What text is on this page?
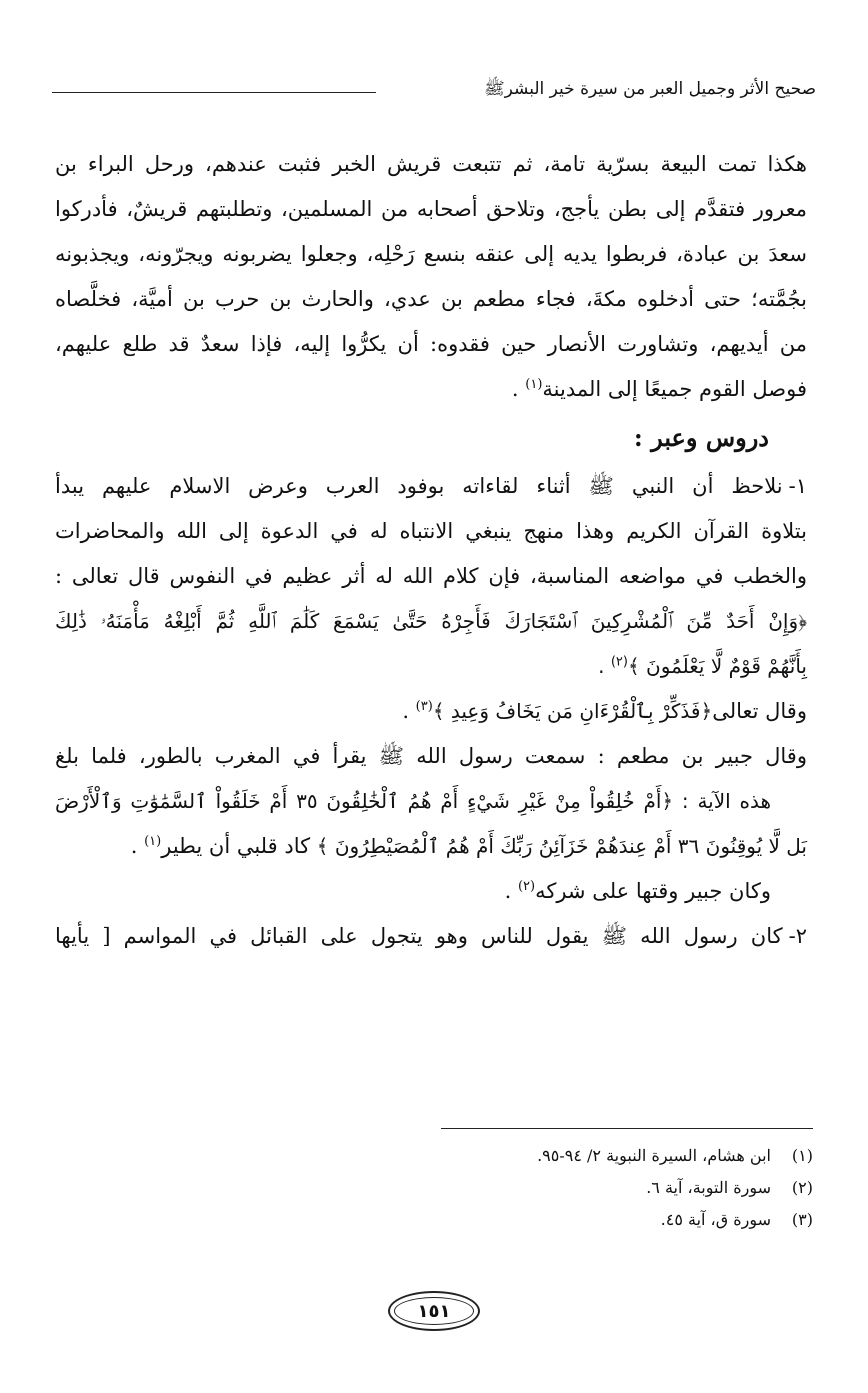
صحيح الأثر وجميل العبر من سيرة خير البشرﷺ

هكذا تمت البيعة بسرّية تامة، ثم تتبعت قريش الخبر فثبت عندهم، ورحل البراء بن
معرور فتقدَّم إلى بطن يأجج، وتلاحق أصحابه من المسلمين، وتطلبتهم قريشٌ، فأدركوا
سعدَ بن عبادة، فربطوا يديه إلى عنقه بنسع رَحْلِه، وجعلوا يضربونه ويجرّونه، ويجذبونه
بجُمَّته؛ حتى أدخلوه مكةَ، فجاء مطعم بن عدي، والحارث بن حرب بن أميَّة، فخلَّصاه
من أيديهم، وتشاورت الأنصار حين فقدوه: أن يكرُّوا إليه، فإذا سعدٌ قد طلع عليهم،
فوصل القوم جميعًا إلى المدينة$^{(١)}$ .

دروس وعبر :

١-نلاحظ أن النبي ﷺ أثناء لقاءاته بوفود العرب وعرض الاسلام عليهم يبدأ
بتلاوة القرآن الكريم وهذا منهج ينبغي الانتباه له في الدعوة إلى الله والمحاضرات
والخطب في مواضعه المناسبة، فإن كلام الله له أثر عظيم في النفوس قال تعالى :
﴿وَإِنْ أَحَدٌ مِّنَ ٱلْمُشْرِكِينَ ٱسْتَجَارَكَ فَأَجِرْهُ حَتَّىٰ يَسْمَعَ كَلَٰمَ ٱللَّهِ ثُمَّ أَبْلِغْهُ مَأْمَنَهُۥ ذَٰلِكَ
بِأَنَّهُمْ قَوْمٌ لَّا يَعْلَمُونَ ﴾$^{(٢)}$ .
وقال تعالى﴿فَذَكِّرْ بِٱلْقُرْءَانِ مَن يَخَافُ وَعِيدِ ﴾$^{(٣)}$ .
وقال جبير بن مطعم : سمعت رسول الله ﷺ يقرأ في المغرب بالطور، فلما بلغ
هذه الآية : ﴿أَمْ خُلِقُواْ مِنْ غَيْرِ شَيْءٍ أَمْ هُمُ ٱلْخَٰلِقُونَ ٣٥ أَمْ خَلَقُواْ ٱلسَّمَٰوَٰتِ وَٱلْأَرْضَ
بَل لَّا يُوقِنُونَ ٣٦ أَمْ عِندَهُمْ خَزَآئِنُ رَبِّكَ أَمْ هُمُ ٱلْمُصَيْطِرُونَ ﴾ كاد قلبي أن يطير$^{(١)}$ .
وكان جبير وقتها على شركه$^{(٢)}$ .

٢-كان رسول الله ﷺ يقول للناس وهو يتجول على القبائل في المواسم [ يأيها

(١)ابن هشام، السيرة النبوية ٢/ ٩٤-٩٥.
(٢)سورة التوبة، آية ٦.
(٣)سورة ق، آية ٤٥.
١٥١
